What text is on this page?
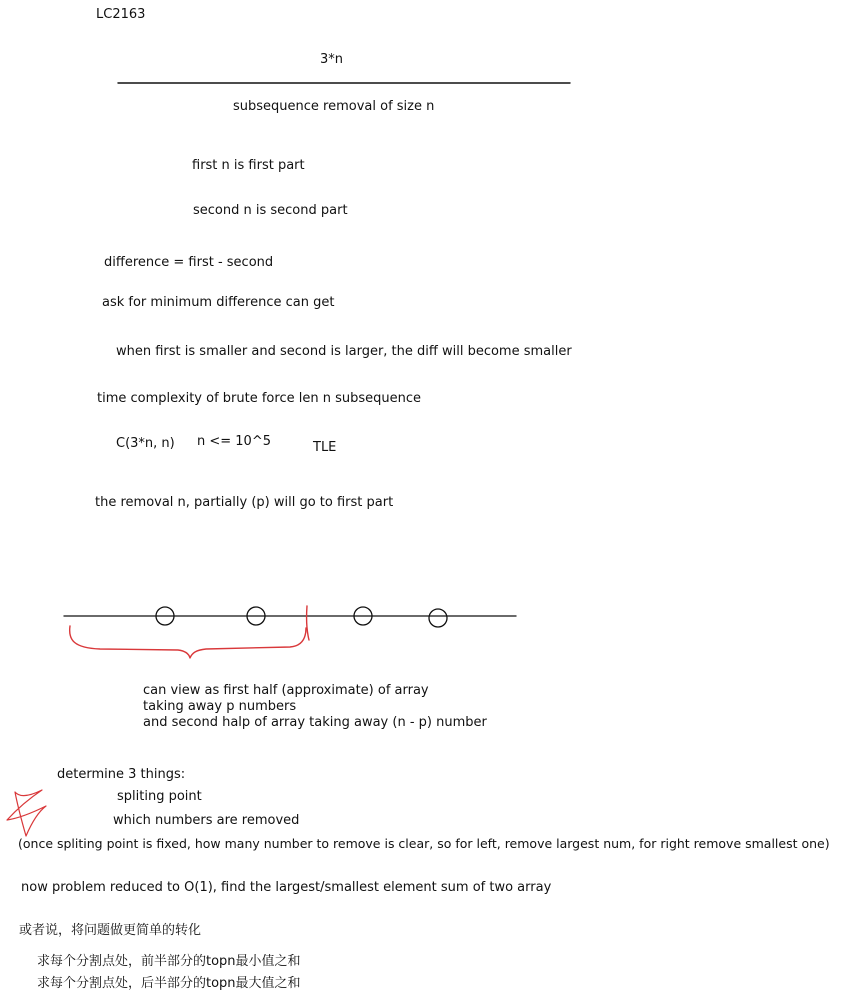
LC2163
3*n
subsequence removal of size n
first n is first part
second n is second part
difference = first - second
ask for minimum difference can get
when first is smaller and second is larger, the diff will become smaller
time complexity of brute force len n subsequence
C(3*n, n) n <= 10^5	TLE
the removal n, partially (p) will go to first part
can view as first half (approximate) of array
taking away p numbers
and second halp of array taking away (n - p) number
determine 3 things:
spliting point
which numbers are removed
(once spliting point is fixed, how many number to remove is clear, so for left, remove largest num, for right remove smallest one)
now problem reduced to O(1), find the largest/smallest element sum of two array
或者说，将问题做更简单的转化
求每个分割点处，前半部分的topn最小值之和
求每个分割点处，后半部分的topn最大值之和
